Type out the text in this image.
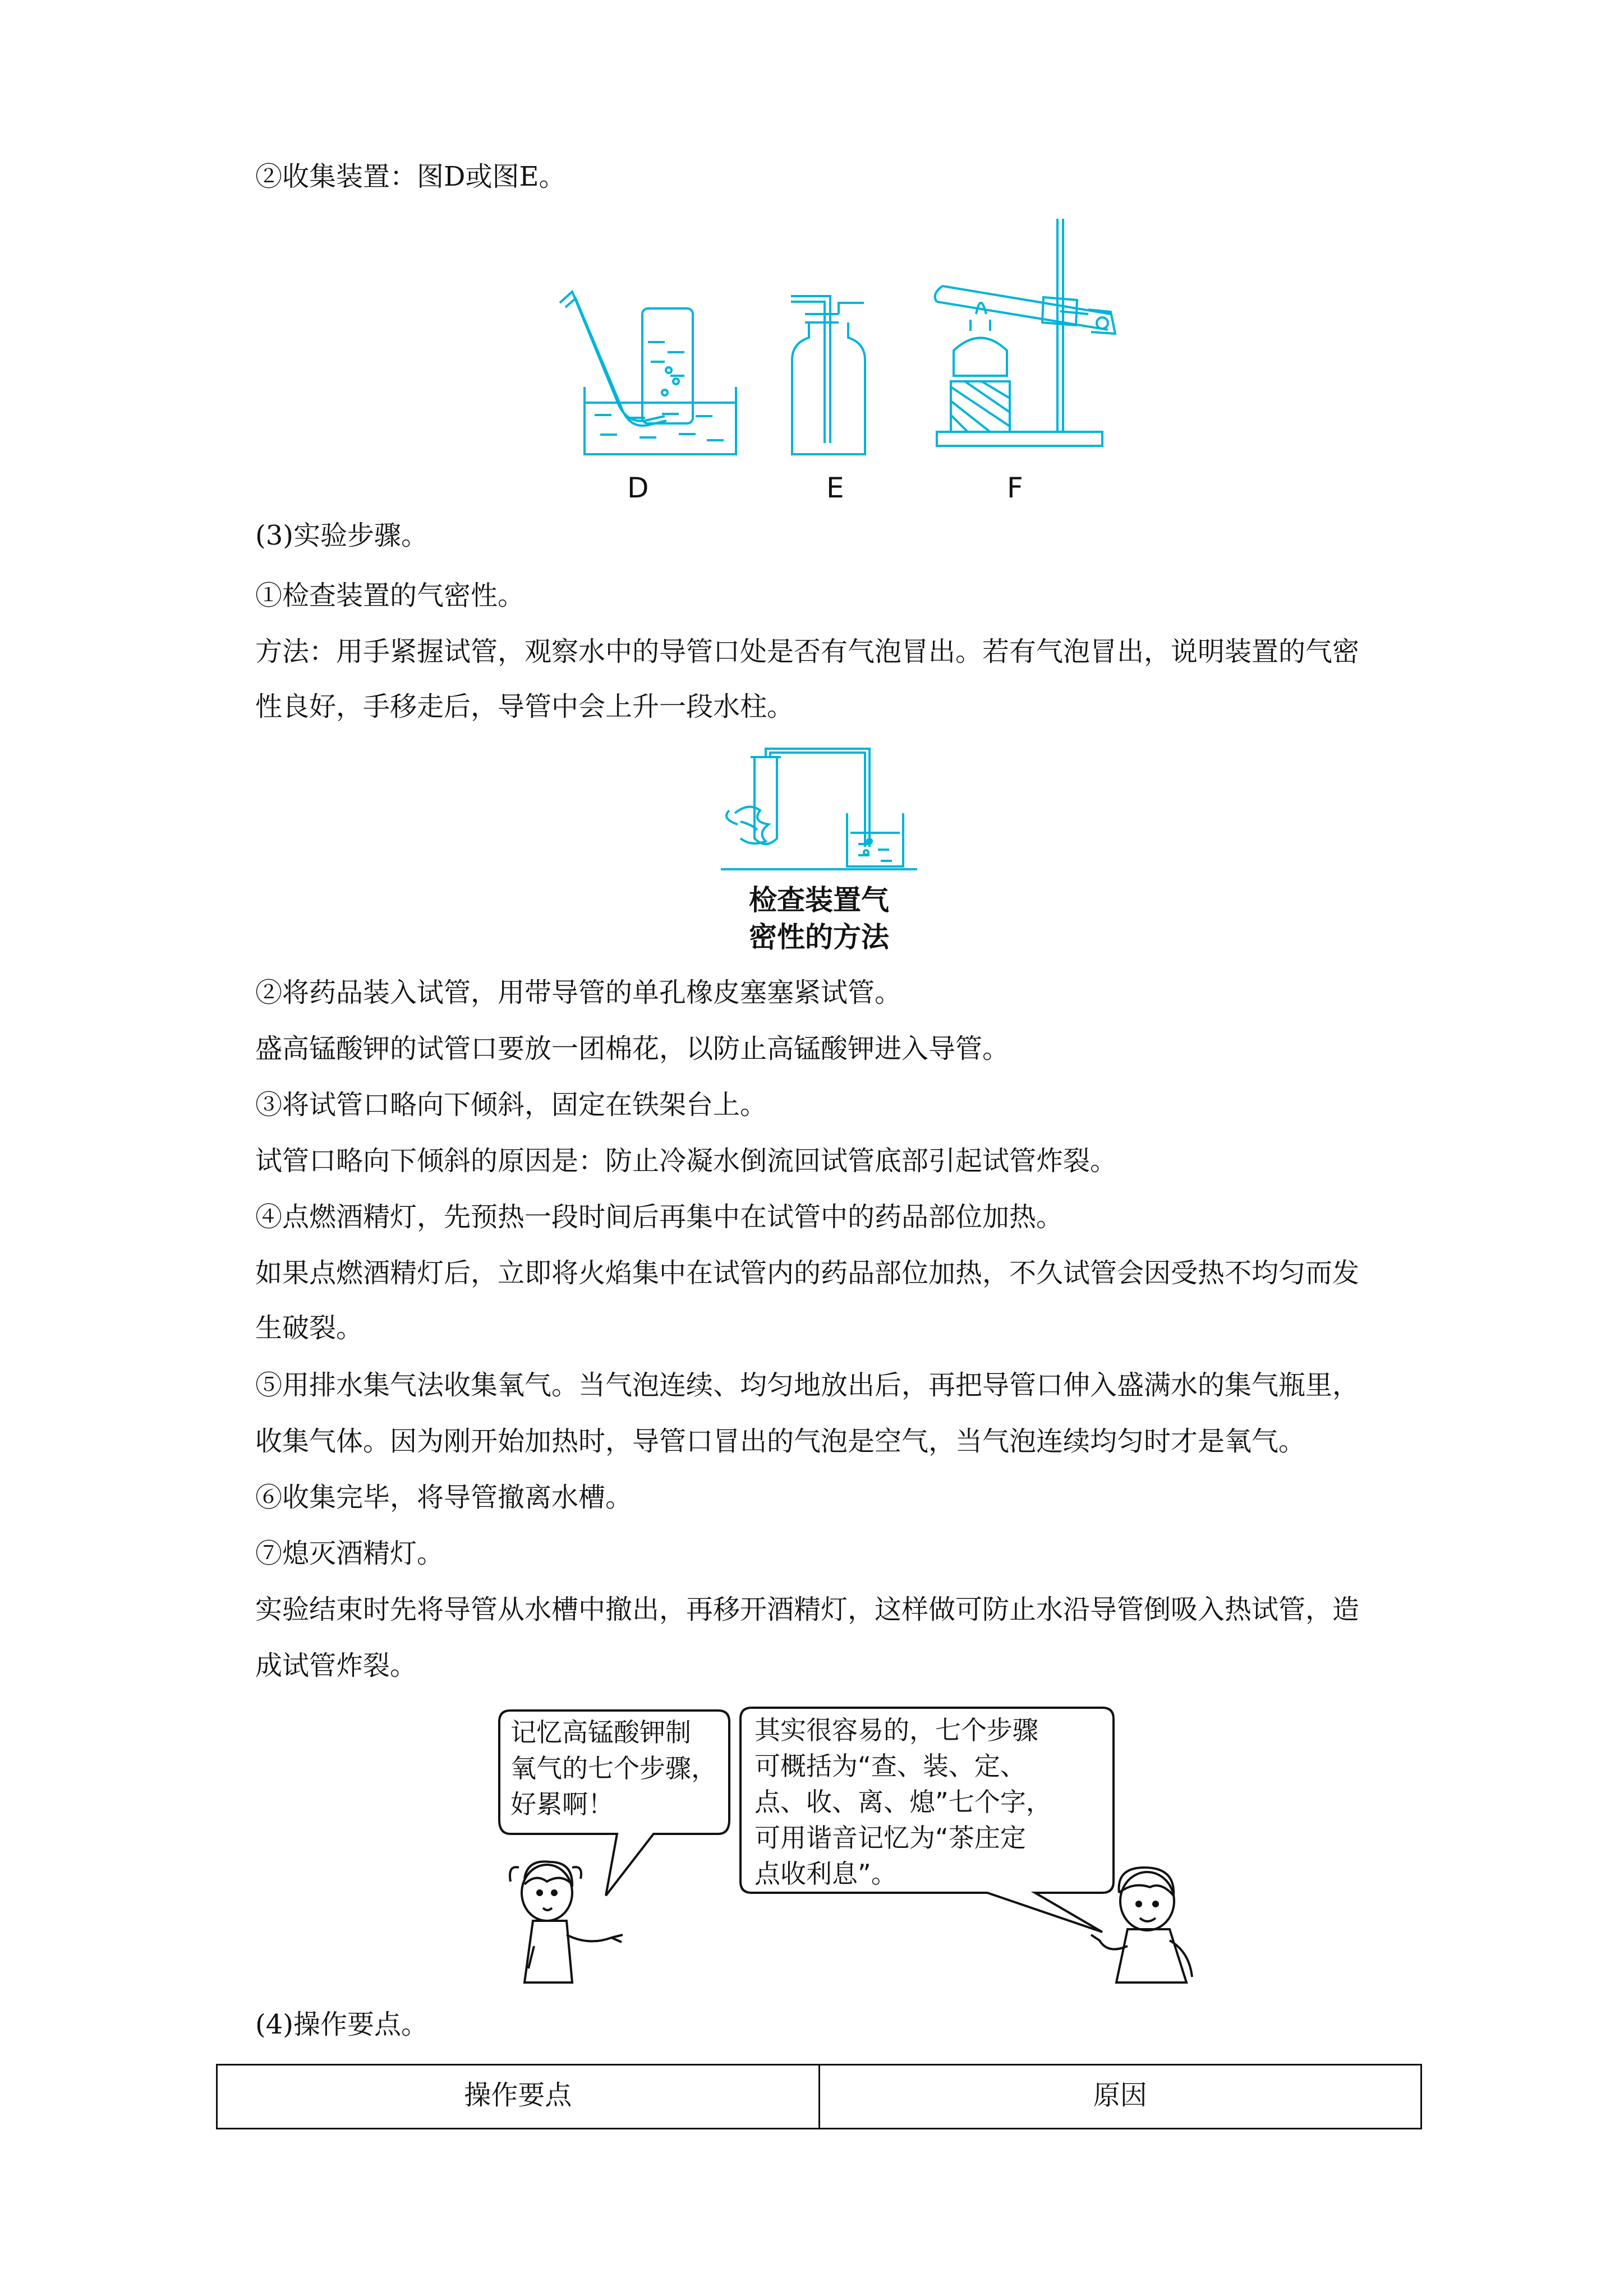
②收集装置：图D或图E。

D	E	F

(3)实验步骤。

①检查装置的气密性。

方法：用手紧握试管，观察水中的导管口处是否有气泡冒出。若有气泡冒出，说明装置的气密

性良好，手移走后，导管中会上升一段水柱。

检查装置气
密性的方法

②将药品装入试管，用带导管的单孔橡皮塞塞紧试管。

盛高锰酸钾的试管口要放一团棉花，以防止高锰酸钾进入导管。

③将试管口略向下倾斜，固定在铁架台上。

试管口略向下倾斜的原因是：防止冷凝水倒流回试管底部引起试管炸裂。

④点燃酒精灯，先预热一段时间后再集中在试管中的药品部位加热。

如果点燃酒精灯后，立即将火焰集中在试管内的药品部位加热，不久试管会因受热不均匀而发

生破裂。

⑤用排水集气法收集氧气。当气泡连续、均匀地放出后，再把导管口伸入盛满水的集气瓶里，

收集气体。因为刚开始加热时，导管口冒出的气泡是空气，当气泡连续均匀时才是氧气。

⑥收集完毕，将导管撤离水槽。

⑦熄灭酒精灯。

实验结束时先将导管从水槽中撤出，再移开酒精灯，这样做可防止水沿导管倒吸入热试管，造

成试管炸裂。

记忆高锰酸钾制
氧气的七个步骤，
好累啊！
其实很容易的，七个步骤
可概括为“查、装、定、
点、收、离、熄”七个字，
可用谐音记忆为“茶庄定
点收利息”。

(4)操作要点。

操作要点	原因
